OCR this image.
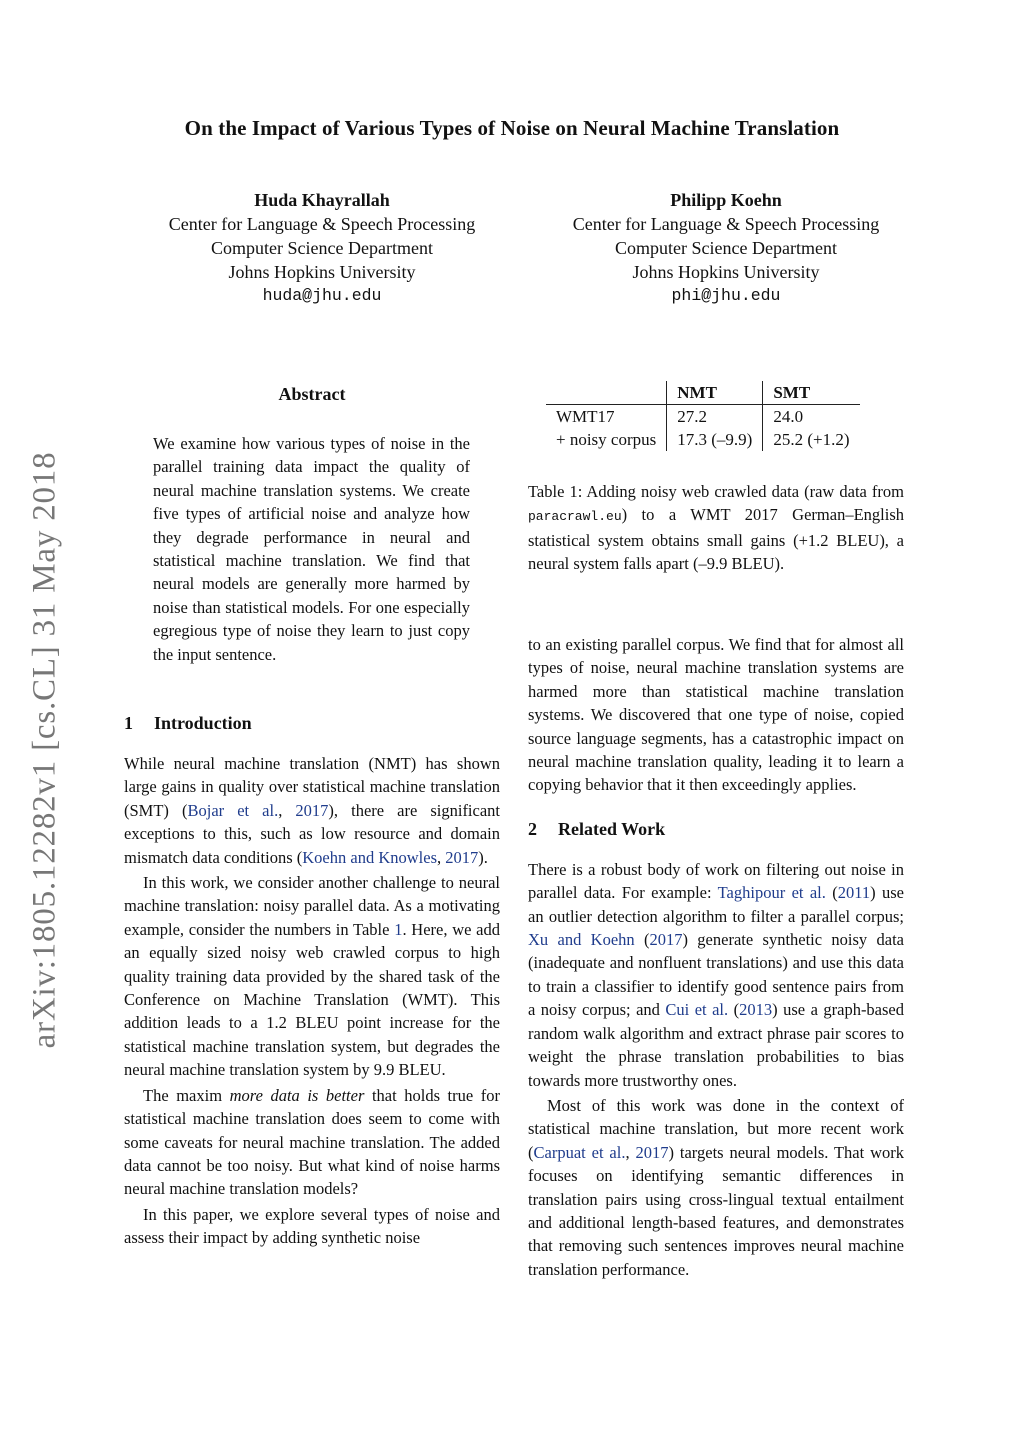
On the Impact of Various Types of Noise on Neural Machine Translation
Huda Khayrallah
Center for Language & Speech Processing
Computer Science Department
Johns Hopkins University
huda@jhu.edu
Philipp Koehn
Center for Language & Speech Processing
Computer Science Department
Johns Hopkins University
phi@jhu.edu
arXiv:1805.12282v1 [cs.CL] 31 May 2018
Abstract
We examine how various types of noise in the parallel training data impact the quality of neural machine translation systems. We create five types of artificial noise and analyze how they degrade performance in neural and statistical machine translation. We find that neural models are generally more harmed by noise than statistical models. For one especially egregious type of noise they learn to just copy the input sentence.
1 Introduction

While neural machine translation (NMT) has shown large gains in quality over statistical machine translation (SMT) (Bojar et al., 2017), there are significant exceptions to this, such as low resource and domain mismatch data conditions (Koehn and Knowles, 2017).

In this work, we consider another challenge to neural machine translation: noisy parallel data. As a motivating example, consider the numbers in Table 1. Here, we add an equally sized noisy web crawled corpus to high quality training data provided by the shared task of the Conference on Machine Translation (WMT). This addition leads to a 1.2 BLEU point increase for the statistical machine translation system, but degrades the neural machine translation system by 9.9 BLEU.

The maxim more data is better that holds true for statistical machine translation does seem to come with some caveats for neural machine translation. The added data cannot be too noisy. But what kind of noise harms neural machine translation models?

In this paper, we explore several types of noise and assess their impact by adding synthetic noise

	NMT	SMT
WMT17	27.2	24.0
+ noisy corpus	17.3 (–9.9)	25.2 (+1.2)
Table 1: Adding noisy web crawled data (raw data from paracrawl.eu) to a WMT 2017 German–English statistical system obtains small gains (+1.2 BLEU), a neural system falls apart (–9.9 BLEU).

to an existing parallel corpus. We find that for almost all types of noise, neural machine translation systems are harmed more than statistical machine translation systems. We discovered that one type of noise, copied source language segments, has a catastrophic impact on neural machine translation quality, leading it to learn a copying behavior that it then exceedingly applies.

2 Related Work

There is a robust body of work on filtering out noise in parallel data. For example: Taghipour et al. (2011) use an outlier detection algorithm to filter a parallel corpus; Xu and Koehn (2017) generate synthetic noisy data (inadequate and nonfluent translations) and use this data to train a classifier to identify good sentence pairs from a noisy corpus; and Cui et al. (2013) use a graph-based random walk algorithm and extract phrase pair scores to weight the phrase translation probabilities to bias towards more trustworthy ones.

Most of this work was done in the context of statistical machine translation, but more recent work (Carpuat et al., 2017) targets neural models. That work focuses on identifying semantic differences in translation pairs using cross-lingual textual entailment and additional length-based features, and demonstrates that removing such sentences improves neural machine translation performance.
